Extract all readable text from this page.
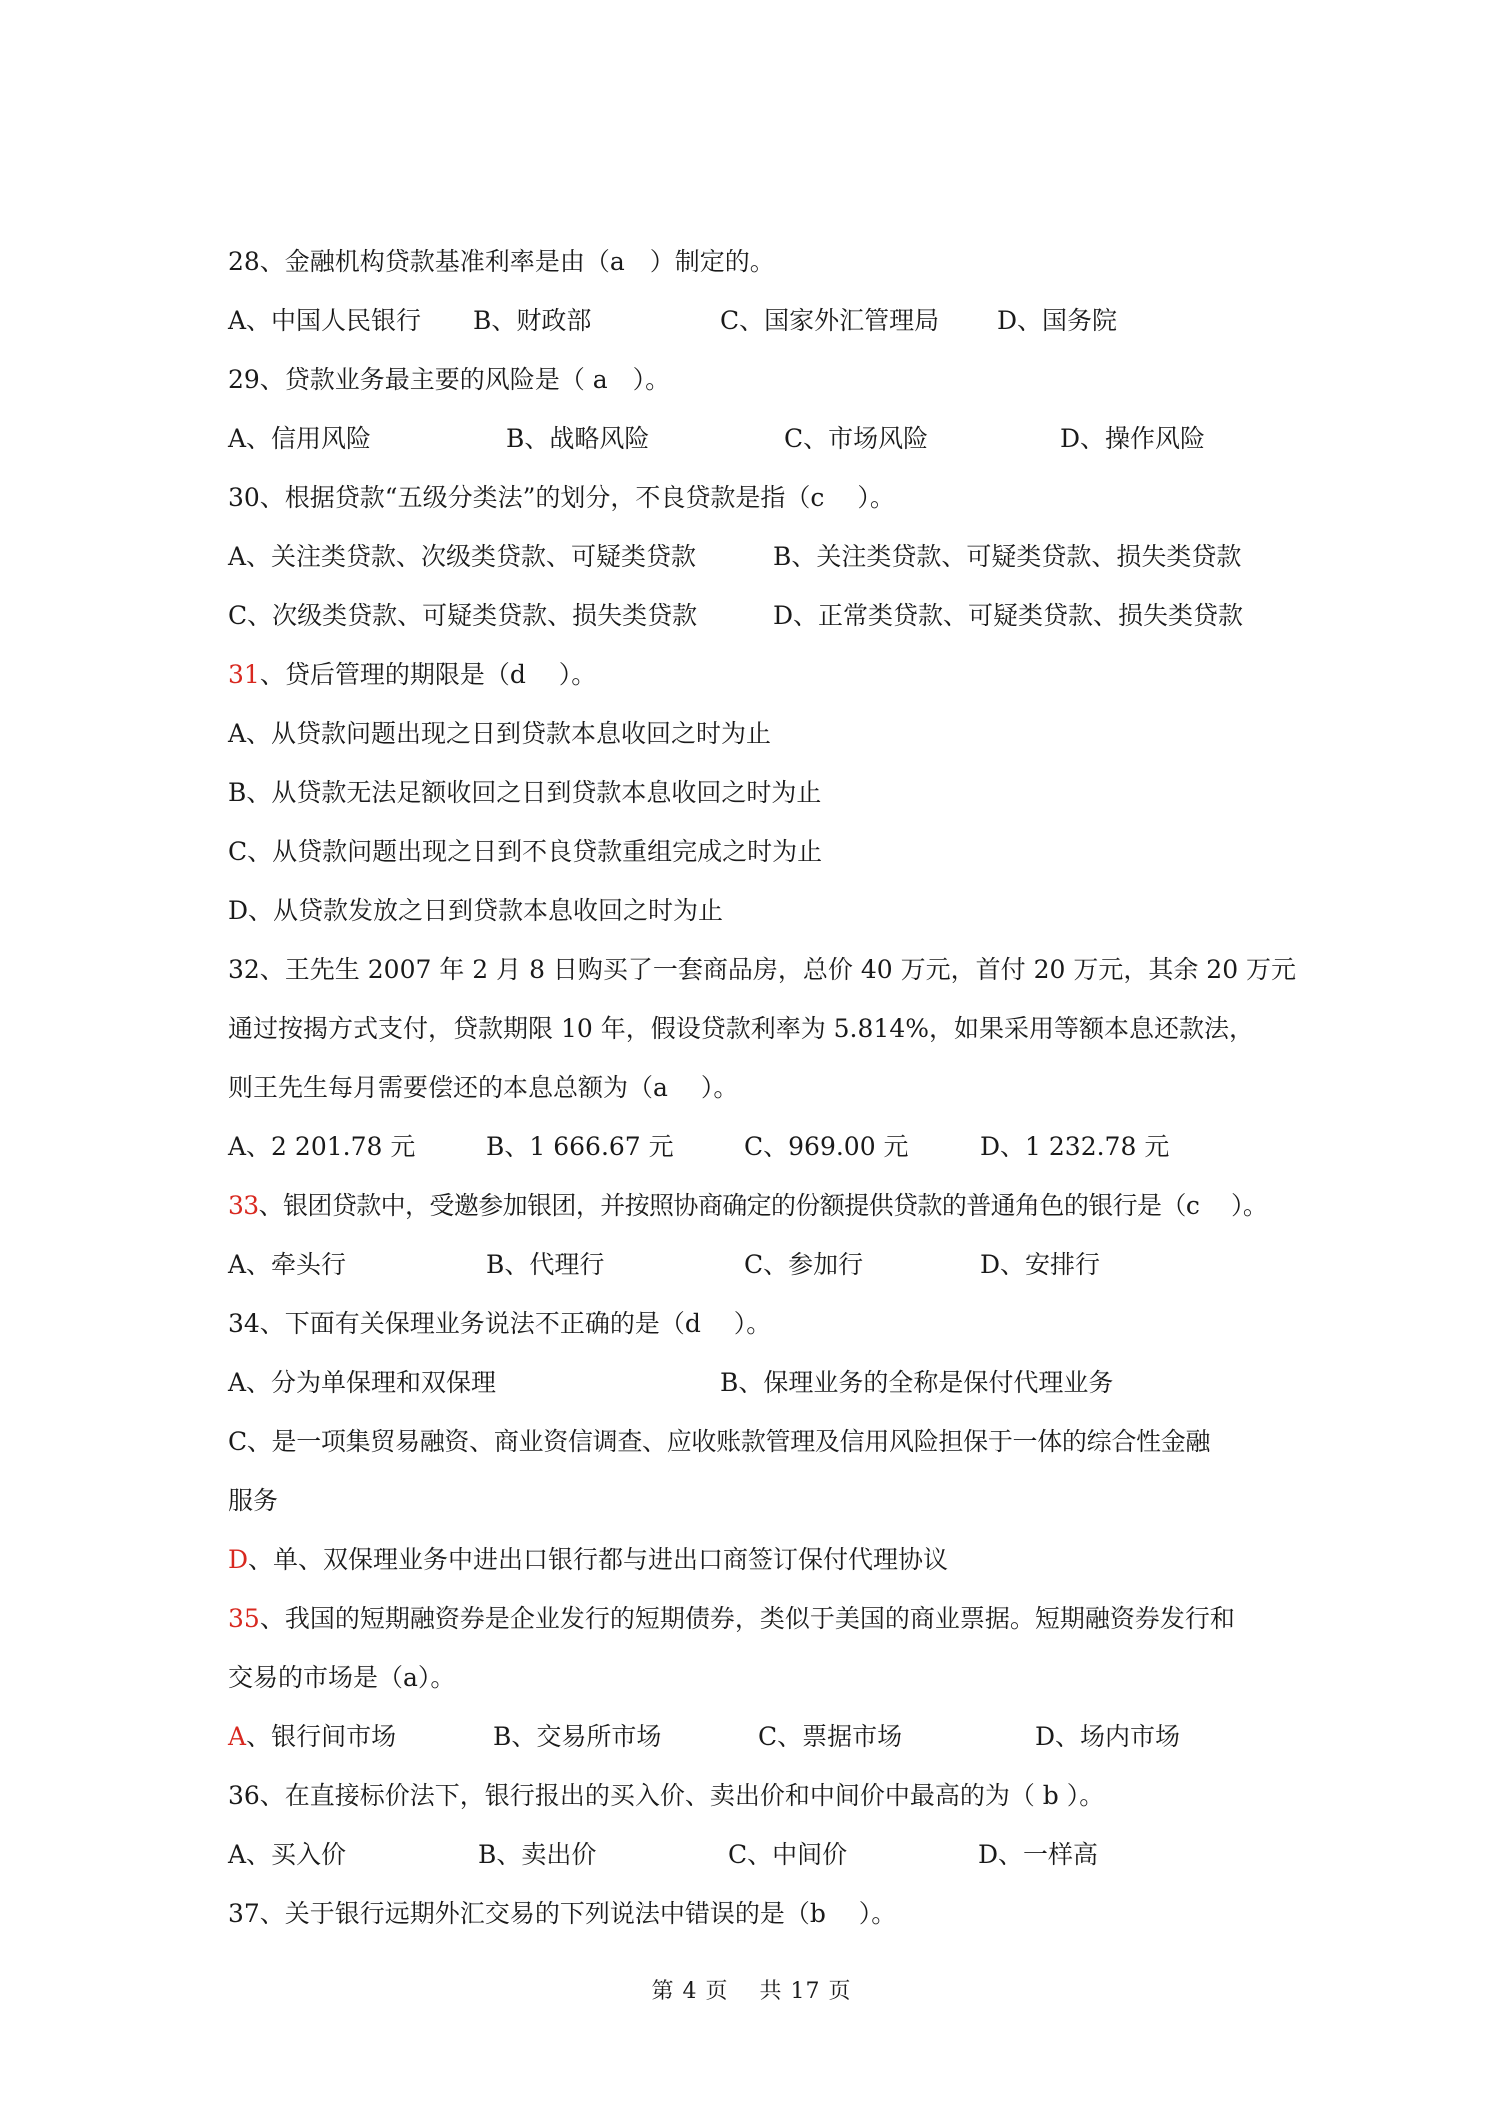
28、金融机构贷款基准利率是由（a　）制定的。
A、中国人民银行 B、财政部	C、国家外汇管理局 D、国务院
29、贷款业务最主要的风险是（ a　）。
A、信用风险	B、战略风险	C、市场风险	D、操作风险
30、根据贷款“五级分类法”的划分，不良贷款是指（c　 ）。
A、关注类贷款、次级类贷款、可疑类贷款	B、关注类贷款、可疑类贷款、损失类贷款
C、次级类贷款、可疑类贷款、损失类贷款	D、正常类贷款、可疑类贷款、损失类贷款
31、贷后管理的期限是（d　 ）。
A、从贷款问题出现之日到贷款本息收回之时为止
B、从贷款无法足额收回之日到贷款本息收回之时为止
C、从贷款问题出现之日到不良贷款重组完成之时为止
D、从贷款发放之日到贷款本息收回之时为止
32、王先生 2007 年 2 月 8 日购买了一套商品房，总价 40 万元，首付 20 万元，其余 20 万元
通过按揭方式支付，贷款期限 10 年，假设贷款利率为 5.814%，如果采用等额本息还款法，
则王先生每月需要偿还的本息总额为（a　 ）。
A、2 201.78 元	B、1 666.67 元	C、969.00 元	D、1 232.78 元
33、银团贷款中，受邀参加银团，并按照协商确定的份额提供贷款的普通角色的银行是（c　 ）。
A、牵头行	B、代理行	C、参加行	D、安排行
34、下面有关保理业务说法不正确的是（d　 ）。
A、分为单保理和双保理	B、保理业务的全称是保付代理业务
C、是一项集贸易融资、商业资信调查、应收账款管理及信用风险担保于一体的综合性金融
服务
D、单、双保理业务中进出口银行都与进出口商签订保付代理协议
35、我国的短期融资券是企业发行的短期债券，类似于美国的商业票据。短期融资券发行和
交易的市场是（a）。
A、银行间市场	B、交易所市场	C、票据市场	D、场内市场
36、在直接标价法下，银行报出的买入价、卖出价和中间价中最高的为（ b ）。
A、买入价	B、卖出价	C、中间价	D、一样高
37、关于银行远期外汇交易的下列说法中错误的是（b　 ）。
第 4 页　 共 17 页
